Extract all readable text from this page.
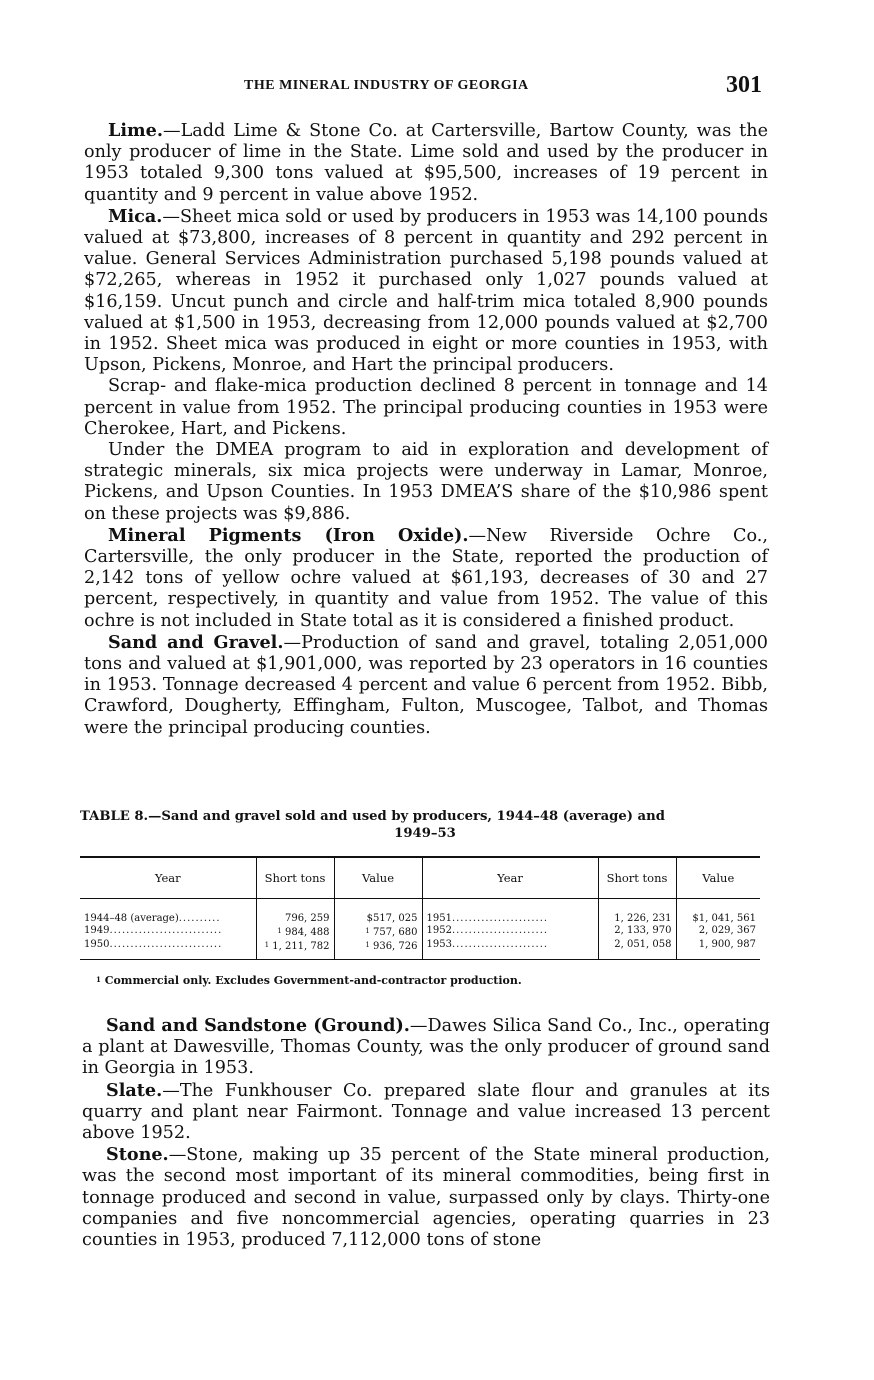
THE MINERAL INDUSTRY OF GEORGIA	301

Lime.—Ladd Lime & Stone Co. at Cartersville, Bartow County, was the only producer of lime in the State. Lime sold and used by the producer in 1953 totaled 9,300 tons valued at $95,500, increases of 19 percent in quantity and 9 percent in value above 1952.

Mica.—Sheet mica sold or used by producers in 1953 was 14,100 pounds valued at $73,800, increases of 8 percent in quantity and 292 percent in value. General Services Administration purchased 5,198 pounds valued at $72,265, whereas in 1952 it purchased only 1,027 pounds valued at $16,159. Uncut punch and circle and half-trim mica totaled 8,900 pounds valued at $1,500 in 1953, decreasing from 12,000 pounds valued at $2,700 in 1952. Sheet mica was produced in eight or more counties in 1953, with Upson, Pickens, Monroe, and Hart the principal producers.

Scrap- and flake-mica production declined 8 percent in tonnage and 14 percent in value from 1952. The principal producing counties in 1953 were Cherokee, Hart, and Pickens.

Under the DMEA program to aid in exploration and development of strategic minerals, six mica projects were underway in Lamar, Monroe, Pickens, and Upson Counties. In 1953 DMEA’S share of the $10,986 spent on these projects was $9,886.

Mineral Pigments (Iron Oxide).—New Riverside Ochre Co., Cartersville, the only producer in the State, reported the production of 2,142 tons of yellow ochre valued at $61,193, decreases of 30 and 27 percent, respectively, in quantity and value from 1952. The value of this ochre is not included in State total as it is considered a finished product.

Sand and Gravel.—Production of sand and gravel, totaling 2,051,000 tons and valued at $1,901,000, was reported by 23 operators in 16 counties in 1953. Tonnage decreased 4 percent and value 6 percent from 1952. Bibb, Crawford, Dougherty, Effingham, Fulton, Muscogee, Talbot, and Thomas were the principal producing counties.

TABLE 8.—Sand and gravel sold and used by producers, 1944–48 (average) and
1949–53
Year	Short tons	Value	Year	Short tons	Value
1944–48 (average)..........	796, 259	$517, 025	1951.......................	1, 226, 231	$1, 041, 561
1949...........................	$^1$ 984, 488	$^1$ 757, 680	1952.......................	2, 133, 970	2, 029, 367
1950...........................	$^1$ 1, 211, 782	$^1$ 936, 726	1953.......................	2, 051, 058	1, 900, 987
$^1$ Commercial only. Excludes Government-and-contractor production.

Sand and Sandstone (Ground).—Dawes Silica Sand Co., Inc., operating a plant at Dawesville, Thomas County, was the only producer of ground sand in Georgia in 1953.

Slate.—The Funkhouser Co. prepared slate flour and granules at its quarry and plant near Fairmont. Tonnage and value increased 13 percent above 1952.

Stone.—Stone, making up 35 percent of the State mineral production, was the second most important of its mineral commodities, being first in tonnage produced and second in value, surpassed only by clays. Thirty-one companies and five noncommercial agencies, operating quarries in 23 counties in 1953, produced 7,112,000 tons of stone
